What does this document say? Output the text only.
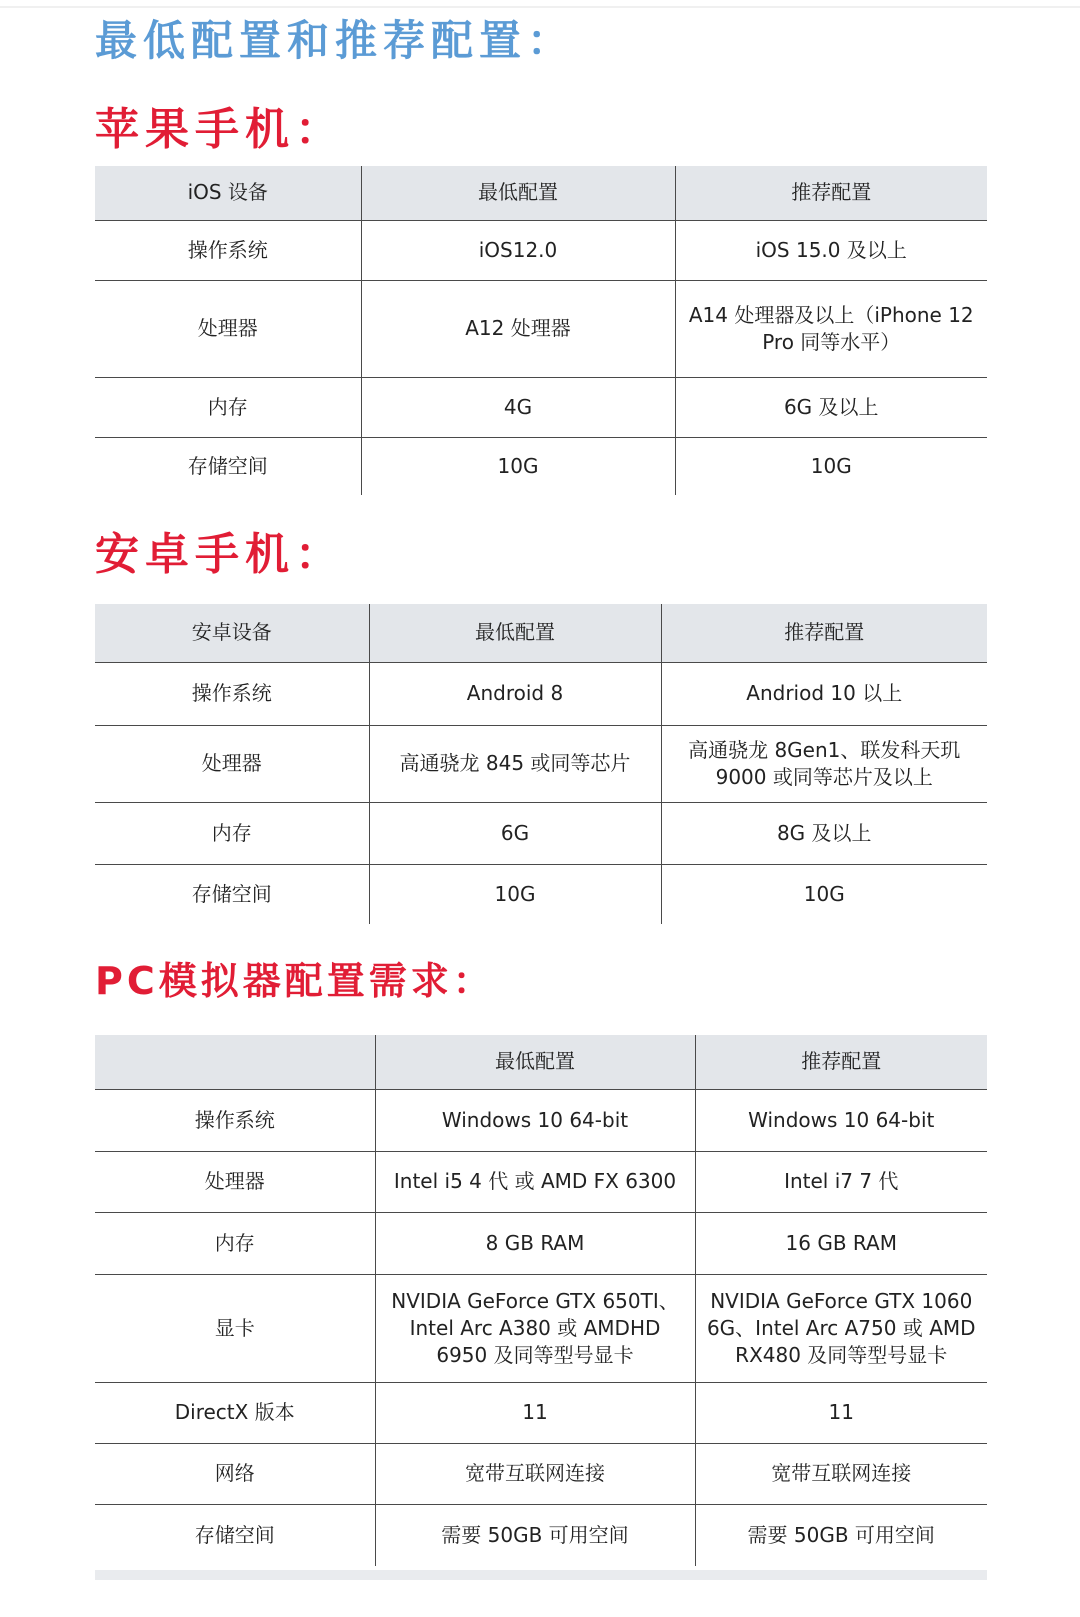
最低配置和推荐配置：
苹果手机：
iOS 设备	最低配置	推荐配置
操作系统	iOS12.0	iOS 15.0 及以上
处理器	A12 处理器	A14 处理器及以上（iPhone 12 Pro 同等水平）
内存	4G	6G 及以上
存储空间	10G	10G
安卓手机：
安卓设备	最低配置	推荐配置
操作系统	Android 8	Andriod 10 以上
处理器	高通骁龙 845 或同等芯片	高通骁龙 8Gen1、联发科天玑 9000 或同等芯片及以上
内存	6G	8G 及以上
存储空间	10G	10G
PC模拟器配置需求：
	最低配置	推荐配置
操作系统	Windows 10 64-bit	Windows 10 64-bit
处理器	Intel i5 4 代 或 AMD FX 6300	Intel i7 7 代
内存	8 GB RAM	16 GB RAM
显卡	NVIDIA GeForce GTX 650TI、Intel Arc A380 或 AMDHD 6950 及同等型号显卡	NVIDIA GeForce GTX 1060 6G、Intel Arc A750 或 AMD RX480 及同等型号显卡
DirectX 版本	11	11
网络	宽带互联网连接	宽带互联网连接
存储空间	需要 50GB 可用空间	需要 50GB 可用空间
